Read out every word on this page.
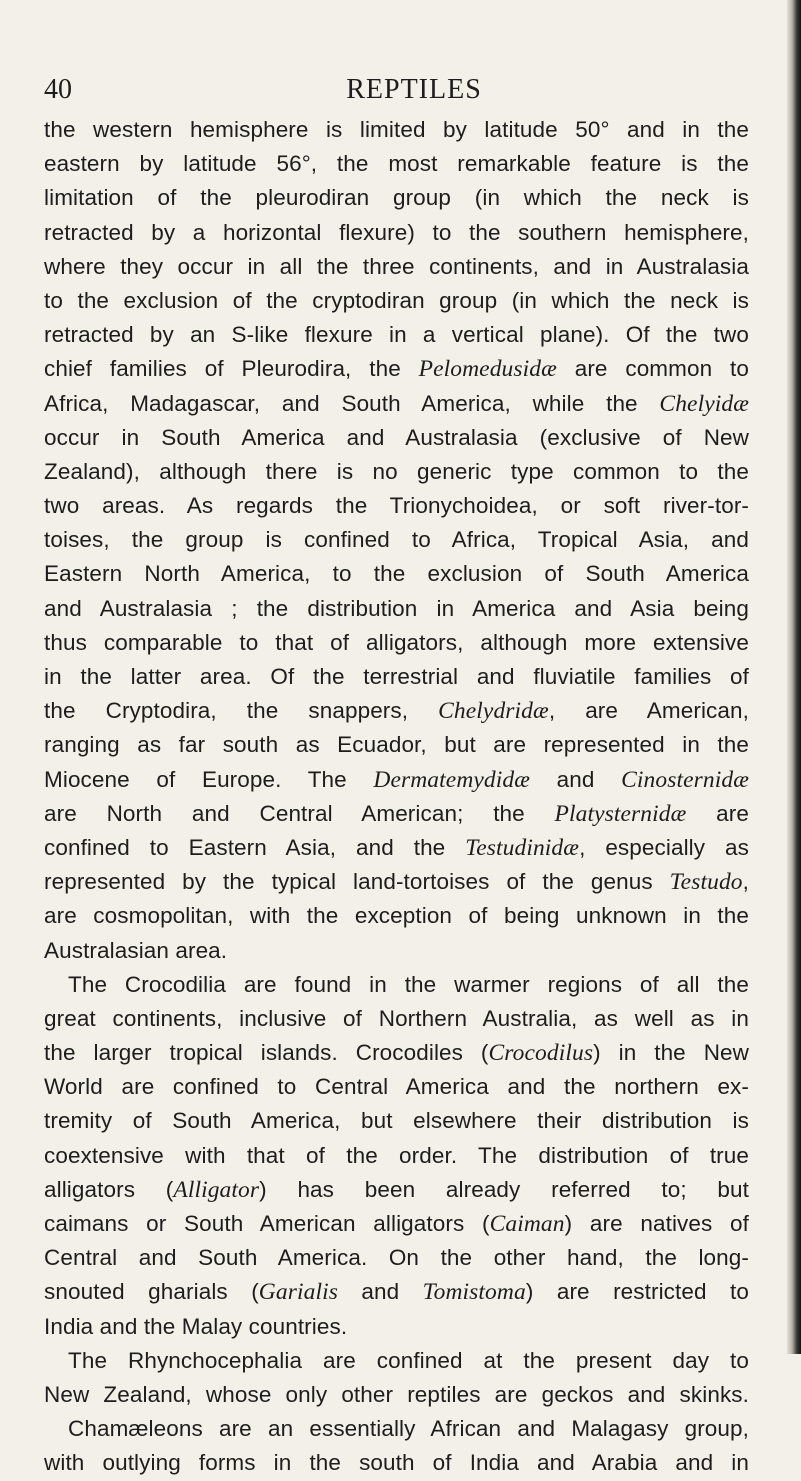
40	REPTILES
the western hemisphere is limited by latitude 50° and in the
eastern by latitude 56°, the most remarkable feature is the
limitation of the pleurodiran group (in which the neck is
retracted by a horizontal flexure) to the southern hemisphere,
where they occur in all the three continents, and in Australasia
to the exclusion of the cryptodiran group (in which the neck is
retracted by an S-like flexure in a vertical plane). Of the two
chief families of Pleurodira, the Pelomedusidæ are common to
Africa, Madagascar, and South America, while the Chelyidæ
occur in South America and Australasia (exclusive of New
Zealand), although there is no generic type common to the
two areas. As regards the Trionychoidea, or soft river-tor-
toises, the group is confined to Africa, Tropical Asia, and
Eastern North America, to the exclusion of South America
and Australasia ; the distribution in America and Asia being
thus comparable to that of alligators, although more extensive
in the latter area. Of the terrestrial and fluviatile families of
the Cryptodira, the snappers, Chelydridæ, are American,
ranging as far south as Ecuador, but are represented in the
Miocene of Europe. The Dermatemydidæ and Cinosternidæ
are North and Central American; the Platysternidæ are
confined to Eastern Asia, and the Testudinidæ, especially as
represented by the typical land-tortoises of the genus Testudo,
are cosmopolitan, with the exception of being unknown in the
Australasian area.
The Crocodilia are found in the warmer regions of all the
great continents, inclusive of Northern Australia, as well as in
the larger tropical islands. Crocodiles (Crocodilus) in the New
World are confined to Central America and the northern ex-
tremity of South America, but elsewhere their distribution is
coextensive with that of the order. The distribution of true
alligators (Alligator) has been already referred to; but
caimans or South American alligators (Caiman) are natives of
Central and South America. On the other hand, the long-
snouted gharials (Garialis and Tomistoma) are restricted to
India and the Malay countries.
The Rhynchocephalia are confined at the present day to
New Zealand, whose only other reptiles are geckos and skinks.
Chamæleons are an essentially African and Malagasy group,
with outlying forms in the south of India and Arabia and in
